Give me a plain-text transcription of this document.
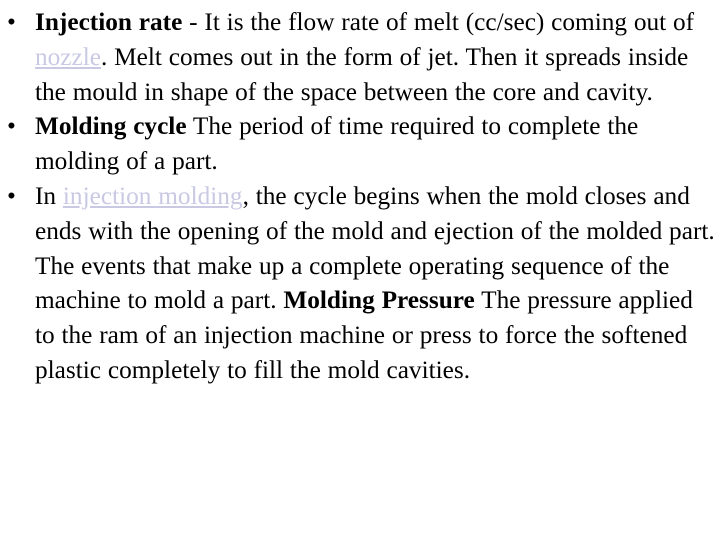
• Injection rate - It is the flow rate of melt (cc/sec) coming out of nozzle. Melt comes out in the form of jet. Then it spreads inside the mould in shape of the space between the core and cavity.
• Molding cycle The period of time required to complete the molding of a part.
• In injection molding, the cycle begins when the mold closes and ends with the opening of the mold and ejection of the molded part. The events that make up a complete operating sequence of the machine to mold a part. Molding Pressure The pressure applied to the ram of an injection machine or press to force the softened plastic completely to fill the mold cavities.
